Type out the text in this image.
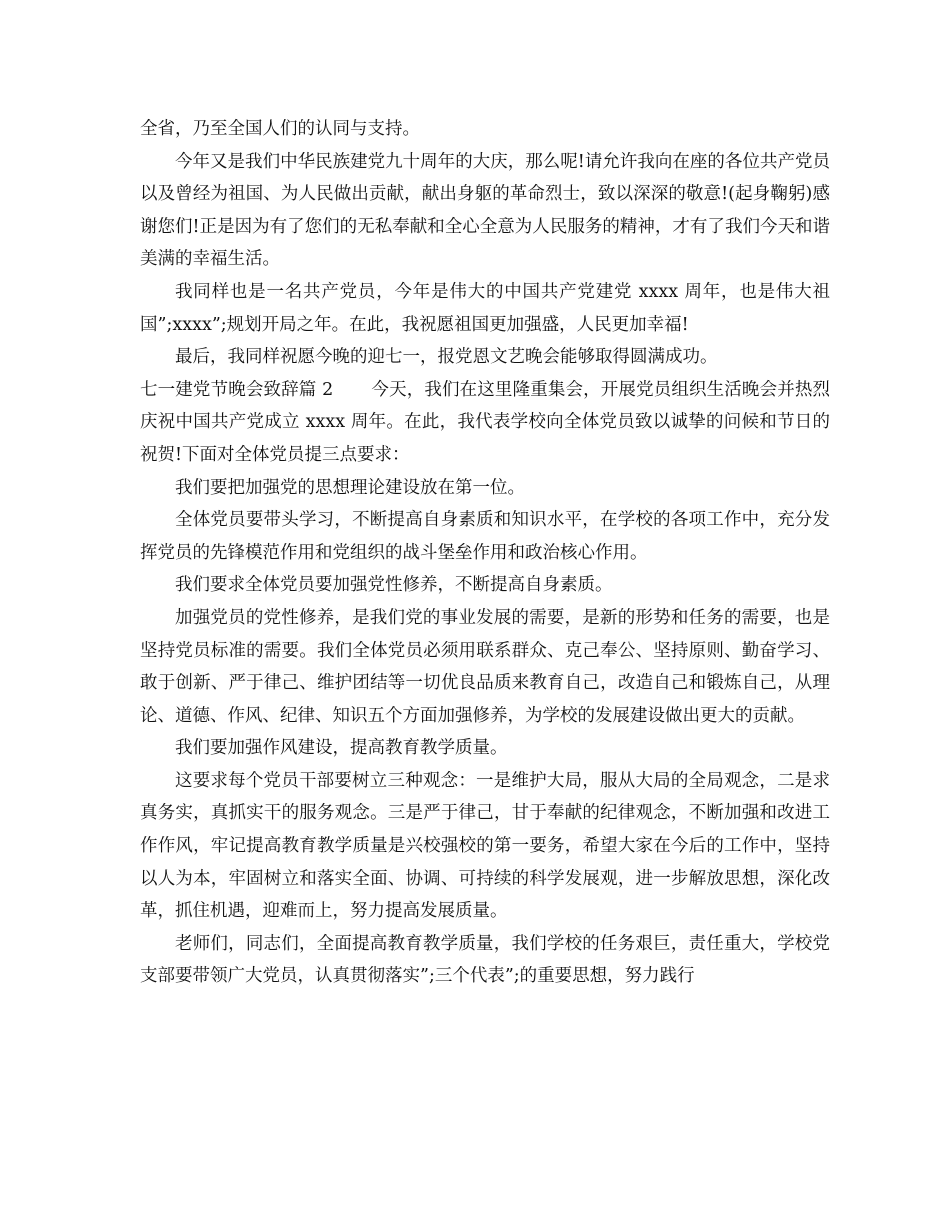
全省，乃至全国人们的认同与支持。

今年又是我们中华民族建党九十周年的大庆，那么呢!请允许我向在座的各位共产党员以及曾经为祖国、为人民做出贡献，献出身躯的革命烈士，致以深深的敬意!(起身鞠躬)感谢您们!正是因为有了您们的无私奉献和全心全意为人民服务的精神，才有了我们今天和谐美满的幸福生活。

我同样也是一名共产党员，今年是伟大的中国共产党建党 xxxx 周年，也是伟大祖国”;xxxx”;规划开局之年。在此，我祝愿祖国更加强盛，人民更加幸福!

最后，我同样祝愿今晚的迎七一，报党恩文艺晚会能够取得圆满成功。

七一建党节晚会致辞篇 2 今天，我们在这里隆重集会，开展党员组织生活晚会并热烈庆祝中国共产党成立 xxxx 周年。在此，我代表学校向全体党员致以诚挚的问候和节日的祝贺!下面对全体党员提三点要求：

我们要把加强党的思想理论建设放在第一位。

全体党员要带头学习，不断提高自身素质和知识水平，在学校的各项工作中，充分发挥党员的先锋模范作用和党组织的战斗堡垒作用和政治核心作用。

我们要求全体党员要加强党性修养，不断提高自身素质。

加强党员的党性修养，是我们党的事业发展的需要，是新的形势和任务的需要，也是坚持党员标准的需要。我们全体党员必须用联系群众、克己奉公、坚持原则、勤奋学习、敢于创新、严于律己、维护团结等一切优良品质来教育自己，改造自己和锻炼自己，从理论、道德、作风、纪律、知识五个方面加强修养，为学校的发展建设做出更大的贡献。

我们要加强作风建设，提高教育教学质量。

这要求每个党员干部要树立三种观念：一是维护大局，服从大局的全局观念，二是求真务实，真抓实干的服务观念。三是严于律己，甘于奉献的纪律观念，不断加强和改进工作作风，牢记提高教育教学质量是兴校强校的第一要务，希望大家在今后的工作中，坚持以人为本，牢固树立和落实全面、协调、可持续的科学发展观，进一步解放思想，深化改革，抓住机遇，迎难而上，努力提高发展质量。

老师们，同志们，全面提高教育教学质量，我们学校的任务艰巨，责任重大，学校党支部要带领广大党员，认真贯彻落实”;三个代表”;的重要思想，努力践行
